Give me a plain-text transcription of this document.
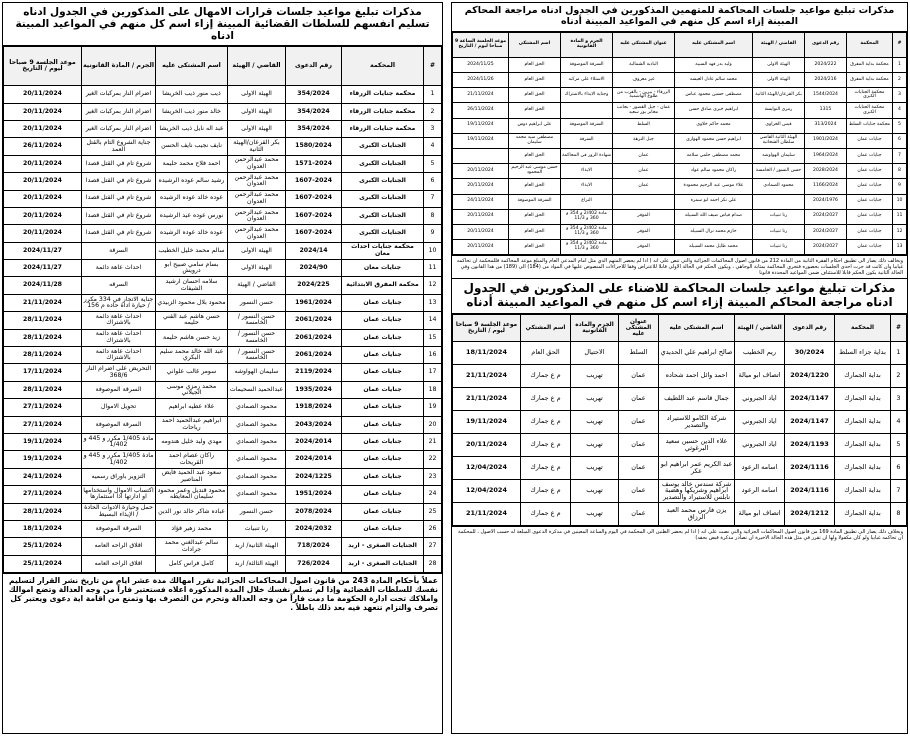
مذكرات تبليغ مواعيد جلسات قرارات الامهال على المذكورين في الجدول ادناه تسليم انفسهم للسلطات القضائية المبينة إزاء اسم كل منهم في المواعيد المبينة ادناه
#	المحكمة	رقم الدعوى	القاضي / الهيئة	اسم المشتكى عليه	الجرم / المادة القانونية	موعد الجلسة 9 صباحا ليوم / التاريخ
1	محكمة جنايات الزرقاء	354/2024	الهيئة الاولى	ذيب منور ذيب الخريشا	اضرام النار بمركبات الغير	20/11/2024
2	محكمة جنايات الزرقاء	354/2024	الهيئة الاولى	خالد منور ذيب الخريشا	اضرام النار بمركبات الغير	20/11/2024
3	محكمة جنايات الزرقاء	354/2024	الهيئة الاولى	عبد اله نايل ذيب الخريشا	اضرام النار بمركبات الغير	20/11/2024
4	الجنايات الكبرى	1580/2024	بكر القرعان/الهيئة الثانية	نايف نجيب نايف الحسن	جناية الشروع التام بالقتل العمد	26/11/2024
5	الجنايات الكبرى	1571-2024	محمد عبدالرحمن العدوان	احمد فلاح محمد حليمة	شروع تام في القتل قصدا	20/11/2024
6	الجنايات الكبرى	1607-2024	محمد عبدالرحمن العدوان	رشيد سالم عوده الرشيده	شروع تام في القتل قصدا	20/11/2024
7	الجنايات الكبرى	1607-2024	محمد عبدالرحمن العدوان	عوده خالد عوده الرشيده	شروع تام في القتل قصدا	20/11/2024
8	الجنايات الكبرى	1607-2024	محمد عبدالرحمن العدوان	نورس عوده عيد الرشيده	شروع تام في القتل قصدا	20/11/2024
9	الجنايات الكبرى	1607-2024	محمد عبدالرحمن العدوان	عوده خالد عوده الرشيده	شروع تام في القتل قصدا	20/11/2024
10	محكمة جنايات احداث معان	2024/14	الهيئة الاولى	سالم محمد خليل الخطيب	السرقة	2024/11/27
11	جنايات معان	2024/90	الهيئة الاولى	بسام سامي صبيح ابو درويش	احداث عاهة دائمة	2024/11/27
12	محكمة المفرق الابتدائية	2024/225	القاضي / الهيئة	سلامه احسان ارشيد الشيفات	السرقه	2024/11/28
13	جنايات عمان	1961/2024	حسن النسور	محمود بلال محمود الزبيدي	جناية الاتجار في 334 مكرر / حيازة اداة حاده م 156	21/11/2024
14	جنايات عمان	2061/2024	حسن النسور / الخامسة	حسن هاشم عبد القني حليمه	احداث عاهة دائمة بالاشتراك	28/11/2024
15	جنايات عمان	2061/2024	حسن النسور / الخامسة	زيد حسن هاشم حليمة	احداث عاهة دائمة بالاشتراك	28/11/2024
16	جنايات عمان	2061/2024	حسن النسور / الخامسة	عبد الله خالد محمد سليم البكري	احداث عاهة دائمة بالاشتراك	28/11/2024
17	جنايات عمان	2119/2024	سليمان الهواوشه	سومر غالب علواني	التحريض على اضرام النار 368/6	17/11/2024
18	جنايات عمان	1935/2024	عبدالحميد السحيمات	محمد رمزي موسى الجيلاني	السرقة الموصوفة	28/11/2024
19	جنايات عمان	1918/2024	محمود الصمادي	علاء عطيه ابراهيم	تحويل الاموال	27/11/2024
20	جنايات عمان	2043/2024	محمود الصمادي	ابراهيم عبدالحميد احمد رياحات	السرقة الموصوفة	27/11/2024
21	جنايات عمان	2024/2014	محمود الصمادي	مهدي وليد خليل هندومه	مادة 1/405 مكرر و 445 و 1/402	19/11/2024
22	جنايات عمان	2024/2014	محمود الصمادي	راكان عصام احمد القريحات	مادة 1/405 مكرر و 445 و 1/402	19/11/2024
23	جنايات عمان	2024/1225	محمود الصمادي	سعود عبد الحميد فايض المناصير	التزوير باوراق رسميه	24/11/2024
24	جنايات عمان	1951/2024	محمود الصمادي	محمود قنديل وعمر محمود سليمان المعايطه	اكتساب الاموال واستخدامها او ادارتها اذا استثمارها	27/11/2024
25	جنايات عمان	2078/2024	حسن النسور	عباده شاكر خالد نور الدين	حمل وحيازة الادوات الحادة / الإيذاء البسيط	28/11/2024
26	جنايات عمان	2024/2032	رنا تنبيات	محمد زهير فؤاد	السرقة الموصوفة	18/11/2024
27	الجنايات الصغرى - اربد	718/2024	الهيئة الثانية/ اربد	سالم عبدالغني محمد جرادات	اقلاق الراحه العامه	25/11/2024
28	الجنايات الصغرى - اربد	726/2024	الهيئة الثالثة/ اربد	كامل فراس كامل	اقلاق الراحه العامه	25/11/2024
عملاً بأحكام المادة 243 من قانون اصول المحاكمات الجزائية تقرر امهالك مدة عشر ايام من تاريخ نشر القرار لتسليم نفسك للسلطات القضائية وإذا لم تسلم نفسك خلال المدة المذكورة اعلاه فستعتبر فاراً من وجه العدالة وتضع اموالك واملاكك تحت ادارة الحكومة ما دمت فاراً من وجه العدالة وتحرم من التصرف بها وتمنع من اقامة اية دعوى ويعتبر كل تصرف والتزام تتعهد فيه بعد ذلك باطلاً .
مذكرات تبليغ مواعيد جلسات المحاكمة للمتهمين المذكورين في الجدول ادناه مراجعة المحاكم المبينة إزاء اسم كل منهم في المواعيد المبينة أدناه
#	المحكمة	رقم الدعوى	القاضي / الهيئة	اسم المشتكى عليه	عنوان المشتكى عليه	الجرم و المادة القانونية	اسم المشتكي	موعد الجلسة الساعة 9 صباحا ليوم / التاريخ
1	محكمة بداية المفرق	2024/222	الهيئة الاولى	وليد بدر فهد السبيه	البادية الشمالية	السرقة الموصوفة	الحق العام	2024/11/25
2	محكمة بداية المفرق	2024/216	الهيئة الاولى	محمد سالم عادل العيسه	غير معروف	الاستلاء على مركبه	الحق العام	2024/11/26
3	محكمة الجنايات الكبرى	1544/2024	بكر القرعان/الهيئة الثانية	مصطفى حسين محمود عباس	الزرقاء - بيرين - بالقرب من طلوع الهاشمية	وجناية الايذاء بالاشتراك	الحق العام	21/11/2024
4	محكمة الجنايات الكبرى	1315	رمزي النوايسة	ابراهيم خيري صادق حسن	عمان - جبل القصور - بجانب مخابز بور سعيد		الحق العام	26/11/2024
5	محكمة جنايات السلط	313/2024	قيس الخزاوي	محمد حاكم خلاوي	السلط	السرقة الموصوفة	علي ابراهيم دوس	19/11/2024
6	جنايات عمان	1901/2024	الهيئة الثانية القاضي سلطان الشخاتبة	ابراهيم حسن محمود الهوارى	جبل النزهة	السرقة	مصطفى سيد محمد سليمان	19/11/2024
7	جنايات عمان	1964/2024	سليمان الهواوشه	محمد مصطفى حلمي سلامه	عمان	شهادة الزور في المحاكمة	الحق العام	
8	جنايات عمان	2028/2024	حسن النسور / الخامسة	راكان محمود سالم عواد	عمان	الايذاء	حسن موسى عبد الرحيم المحمود	20/11/2024
9	جنايات عمان	1166/2024	محمود الصمادي	علاء موسى عبد الرحيم محمودة	عمان	الايذاء	الحق العام	20/11/2024
10	جنايات عمان	2024/1976		علي نكز احمد ابو سمره		النزاع	السرقة الموصوفة	24/11/2024
11	جنايات عمان	2024/2027	رنا تنبيات	صدام قياض ضيف الله السبيله	الموقر	مادة 2/402 و 354 و 360 و 11/3	الحق العام	20/11/2024
12	جنايات عمان	2024/2027	رنا تنبيات	حازم محمد نزال السبيله	الموقر	مادة 2/402 و 354 و 360 و 11/3	الحق العام	20/11/2024
13	جنايات عمان	2024/2027	رنا تنبيات	محمد طايل محمد السبيله	الموقر	مادة 2/402 و 354 و 360 و 11/3	الحق العام	20/11/2024
ويخالف ذلك يصار الى تطبيق احكام الفقرة الثانية من المادة 212 من قانون اصول المحاكمات الجزائية والتي تنص على انه ( اذا لم يحضر المتهم الذي مثل امام المدعي العام والمبلغ موعد المحاكمة فللمحكمة ان تحاكمه غيابيا وان كانت قد جرت احدى الجلسات بحضوره فتجري المحاكمة بمثابة الوجاهي ، ويكون الحكم في الحالة الاولى قابلا للاعتراض وفقا للاجراءات المنصوص عليها في المواد من (184) الى (189) من هذا القانون وفي الحالة الثانية يكون الحكم قابلا للاستئناف ضمن المواعيد المحددة قانونا
مذكرات تبليغ مواعيد جلسات المحاكمة للاضناء على المذكورين في الجدول ادناه مراجعة المحاكم المبينة إزاء اسم كل منهم في المواعيد المبينة أدناه
#	المحكمة	رقم الدعوى	القاضي / الهيئة	اسم المشتكى عليه	عنوان المشتكى عليه	الجرم والمادة القانونية	اسم المشتكي	موعد الجلسة 9 صباحا ليوم / التاريخ
1	بداية جزاء السلط	30/2024	ريم الخطيب	صالح ابراهيم علي الحديدي	السلط	الاحتيال	الحق العام	18/11/2024
2	بداية الجمارك	2024/1220	اتصاف ابو ميالة	احمد وائل احمد شحاده	عمان	تهريب	م ع جمارك	21/11/2024
3	بداية الجمارك	2024/1147	اياد الجبروني	جمال قاسم عبد اللطيف	عمان	تهريب	م ع جمارك	21/11/2024
4	بداية الجمارك	2024/1147	اياد الجبروني	شركة الكامو للاستيراد والتصدير	عمان	تهريب	م ع جمارك	19/11/2024
5	بداية الجمارك	2024/1193	اياد الجبروني	علاء الدين حسين سعيد البرغوثي	عمان	تهريب	م ع جمارك	20/11/2024
6	بداية الجمارك	2024/1116	اسامه الرعود	عبد الكريم عمر ابراهيم ابو عكر	عمان	تهريب	م ع جمارك	12/04/2024
7	بداية الجمارك	2024/1116	اسامه الرعود	شركة سندس خالد يوسف ابراهيم وشريكها وهضبة نابلس للاستيراد والتصدير	عمان	تهريب	م ع جمارك	12/04/2024
8	بداية الجمارك	2024/1212	اتصاف ابو ميالة	يزن فارس محمد العبد الرزاق	عمان	تهريب	م ع جمارك	21/11/2024
وبخلاف ذلك يصار الى تطبيق المادة 169 من قانون اصول المحاكمات الجزائية والتي نصت على انه ( اذا لم يحضر الظنين الى المحكمة في اليوم والساعة المعينين في مذكرة الدعوى المبلغة له حسب الاصول ، للمحكمة ان تحاكمه غيابيا ولو كان مكفولا ولها ان تقرر في مثل هذه الحالة الاخيرة ان تصادر مذكرة قبض بحقه)
